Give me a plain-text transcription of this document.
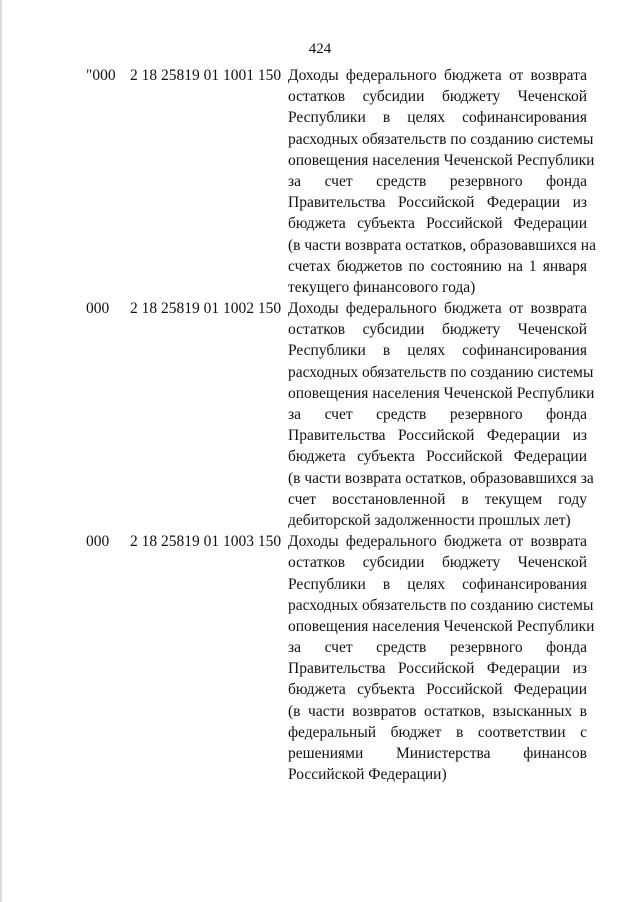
424
"000 2 18 25819 01 1001 150 Доходы федерального бюджета от возврата
остатков субсидии бюджету Чеченской
Республики в целях софинансирования
расходных обязательств по созданию системы
оповещения населения Чеченской Республики
за счет средств резервного фонда
Правительства Российской Федерации из
бюджета субъекта Российской Федерации
(в части возврата остатков, образовавшихся на
счетах бюджетов по состоянию на 1 января
текущего финансового года)
000	2 18 25819 01 1002 150 Доходы федерального бюджета от возврата
остатков субсидии бюджету Чеченской
Республики в целях софинансирования
расходных обязательств по созданию системы
оповещения населения Чеченской Республики
за счет средств резервного фонда
Правительства Российской Федерации из
бюджета субъекта Российской Федерации
(в части возврата остатков, образовавшихся за
счет восстановленной в текущем году
дебиторской задолженности прошлых лет)
000	2 18 25819 01 1003 150 Доходы федерального бюджета от возврата
остатков субсидии бюджету Чеченской
Республики в целях софинансирования
расходных обязательств по созданию системы
оповещения населения Чеченской Республики
за счет средств резервного фонда
Правительства Российской Федерации из
бюджета субъекта Российской Федерации
(в части возвратов остатков, взысканных в
федеральный бюджет в соответствии с
решениями Министерства финансов
Российской Федерации)
